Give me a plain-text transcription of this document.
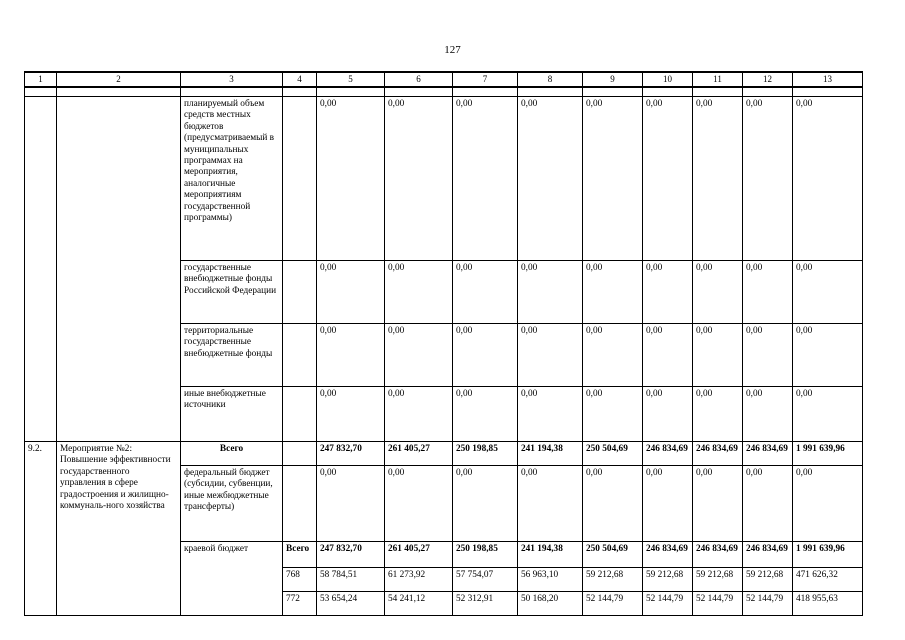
127
1	2	3	4	5	6	7	8	9	10	11	12	13

		планируемый объем средств местных бюджетов (предусматриваемый в муниципальных программах на мероприятия, аналогичные мероприятиям государственной программы)		0,00	0,00	0,00	0,00	0,00	0,00	0,00	0,00	0,00
		государственные внебюджетные фонды Российской Федерации		0,00	0,00	0,00	0,00	0,00	0,00	0,00	0,00	0,00
		территориальные государственные внебюджетные фонды		0,00	0,00	0,00	0,00	0,00	0,00	0,00	0,00	0,00
		иные внебюджетные источники		0,00	0,00	0,00	0,00	0,00	0,00	0,00	0,00	0,00
9.2.	Мероприятие №2: Повышение эффективности государственного управления в сфере градостроения и жилищно-коммуналь-ного хозяйства	Всего		247 832,70	261 405,27	250 198,85	241 194,38	250 504,69	246 834,69	246 834,69	246 834,69	1 991 639,96
		федеральный бюджет (субсидии, субвенции, иные межбюджетные трансферты)		0,00	0,00	0,00	0,00	0,00	0,00	0,00	0,00	0,00
		краевой бюджет	Всего	247 832,70	261 405,27	250 198,85	241 194,38	250 504,69	246 834,69	246 834,69	246 834,69	1 991 639,96
			768	58 784,51	61 273,92	57 754,07	56 963,10	59 212,68	59 212,68	59 212,68	59 212,68	471 626,32
			772	53 654,24	54 241,12	52 312,91	50 168,20	52 144,79	52 144,79	52 144,79	52 144,79	418 955,63
